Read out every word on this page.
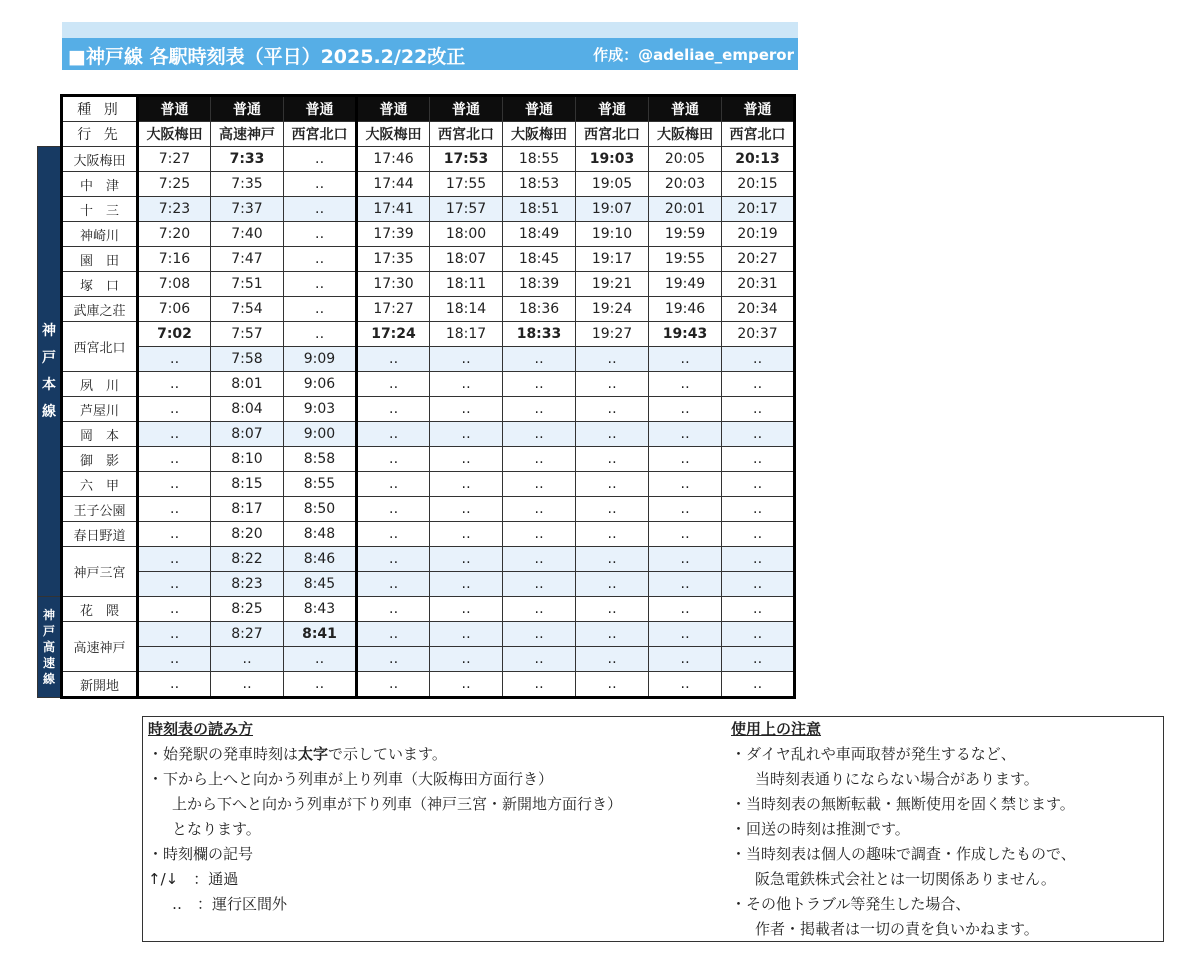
■神戸線 各駅時刻表（平日）2025.2/22改正	作成：@adeliae_emperor
	種 別	普通	普通	普通	普通	普通	普通	普通	普通	普通
	行 先	大阪梅田	高速神戸	西宮北口	大阪梅田	西宮北口	大阪梅田	西宮北口	大阪梅田	西宮北口

神
戸
本
線	大阪梅田	7:27	7:33	‥	17:46	17:53	18:55	19:03	20:05	20:13
	中　津	7:25	7:35	‥	17:44	17:55	18:53	19:05	20:03	20:15
	十　三	7:23	7:37	‥	17:41	17:57	18:51	19:07	20:01	20:17
	神崎川	7:20	7:40	‥	17:39	18:00	18:49	19:10	19:59	20:19
	園　田	7:16	7:47	‥	17:35	18:07	18:45	19:17	19:55	20:27
	塚　口	7:08	7:51	‥	17:30	18:11	18:39	19:21	19:49	20:31
	武庫之荘	7:06	7:54	‥	17:27	18:14	18:36	19:24	19:46	20:34
	西宮北口	7:02	7:57	‥	17:24	18:17	18:33	19:27	19:43	20:37
		‥	7:58	9:09	‥	‥	‥	‥	‥	‥
	夙　川	‥	8:01	9:06	‥	‥	‥	‥	‥	‥
	芦屋川	‥	8:04	9:03	‥	‥	‥	‥	‥	‥
	岡　本	‥	8:07	9:00	‥	‥	‥	‥	‥	‥
	御　影	‥	8:10	8:58	‥	‥	‥	‥	‥	‥
	六　甲	‥	8:15	8:55	‥	‥	‥	‥	‥	‥
	王子公園	‥	8:17	8:50	‥	‥	‥	‥	‥	‥
	春日野道	‥	8:20	8:48	‥	‥	‥	‥	‥	‥
	神戸三宮	‥	8:22	8:46	‥	‥	‥	‥	‥	‥
		‥	8:23	8:45	‥	‥	‥	‥	‥	‥

神
戸
高
速
線	花　隈	‥	8:25	8:43	‥	‥	‥	‥	‥	‥
	高速神戸	‥	8:27	8:41	‥	‥	‥	‥	‥	‥
		‥	‥	‥	‥	‥	‥	‥	‥	‥
	新開地	‥	‥	‥	‥	‥	‥	‥	‥	‥
時刻表の読み方
・始発駅の発車時刻は太字で示しています。
・下から上へと向かう列車が上り列車（大阪梅田方面行き）
上から下へと向かう列車が下り列車（神戸三宮・新開地方面行き）
となります。
・時刻欄の記号
↑/↓　：通過
‥　：運行区間外
使用上の注意
・ダイヤ乱れや車両取替が発生するなど、
当時刻表通りにならない場合があります。
・当時刻表の無断転載・無断使用を固く禁じます。
・回送の時刻は推測です。
・当時刻表は個人の趣味で調査・作成したもので、
阪急電鉄株式会社とは一切関係ありません。
・その他トラブル等発生した場合、
作者・掲載者は一切の責を負いかねます。
